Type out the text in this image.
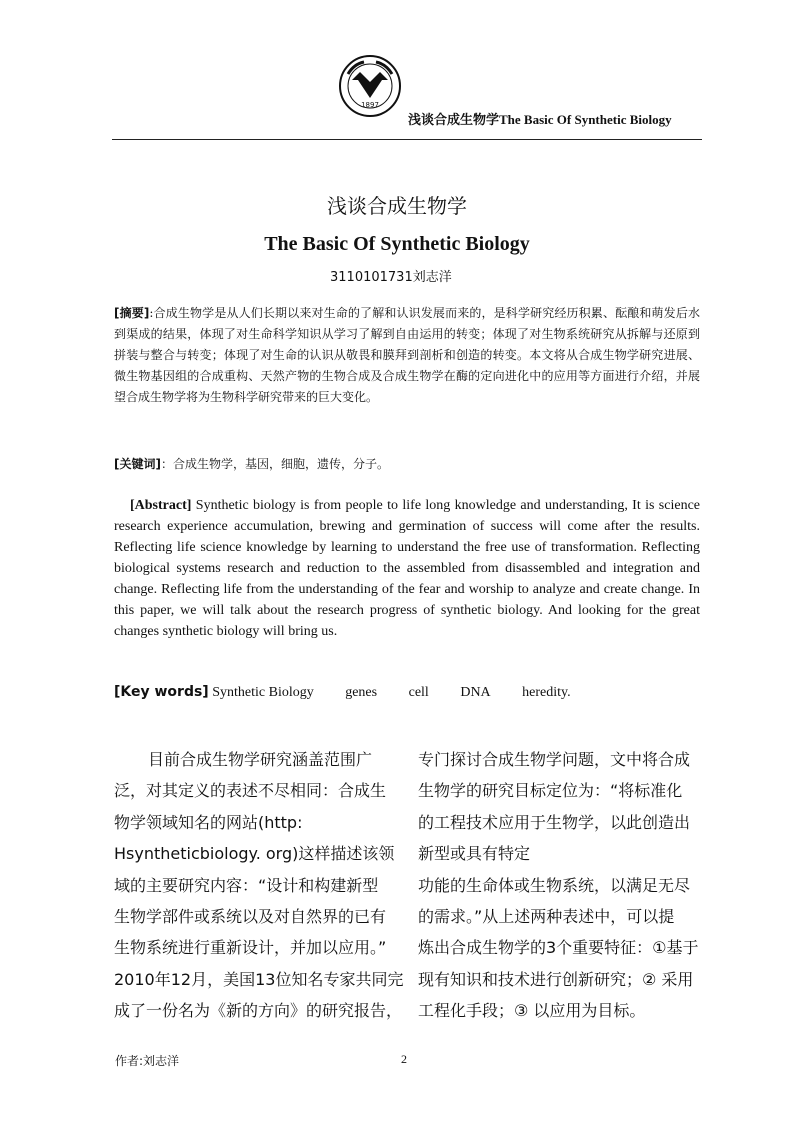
1897
浅谈合成生物学The Basic Of Synthetic Biology
浅谈合成生物学
The Basic Of Synthetic Biology
3110101731刘志洋
[摘要]:合成生物学是从人们长期以来对生命的了解和认识发展而来的，是科学研究经历积累、酝酿和萌发后水到渠成的结果，体现了对生命科学知识从学习了解到自由运用的转变；体现了对生物系统研究从拆解与还原到拼装与整合与转变；体现了对生命的认识从敬畏和膜拜到剖析和创造的转变。本文将从合成生物学研究进展、微生物基因组的合成重构、天然产物的生物合成及合成生物学在酶的定向进化中的应用等方面进行介绍，并展望合成生物学将为生物科学研究带来的巨大变化。
[关键词]：合成生物学，基因，细胞，遗传，分子。
[Abstract] Synthetic biology is from people to life long knowledge and understanding, It is science research experience accumulation, brewing and germination of success will come after the results. Reflecting life science knowledge by learning to understand the free use of transformation. Reflecting biological systems research and reduction to the assembled from disassembled and integration and change. Reflecting life from the understanding of the fear and worship to analyze and create change. In this paper, we will talk about the research progress of synthetic biology. And looking for the great changes synthetic biology will bring us.
[Key words] Synthetic Biology genes cell DNA heredity.
目前合成生物学研究涵盖范围广
泛，对其定义的表述不尽相同：合成生
物学领域知名的网站(http:
Hsyntheticbiology. org)这样描述该领
域的主要研究内容：“设计和构建新型
生物学部件或系统以及对自然界的已有
生物系统进行重新设计，并加以应用。”
2010年12月，美国13位知名专家共同完
成了一份名为《新的方向》的研究报告，
专门探讨合成生物学问题，文中将合成
生物学的研究目标定位为：“将标准化
的工程技术应用于生物学，以此创造出
新型或具有特定
功能的生命体或生物系统，以满足无尽
的需求。”从上述两种表述中，可以提
炼出合成生物学的3个重要特征：①基于
现有知识和技术进行创新研究；② 采用
工程化手段；③ 以应用为目标。
作者:刘志洋	2
